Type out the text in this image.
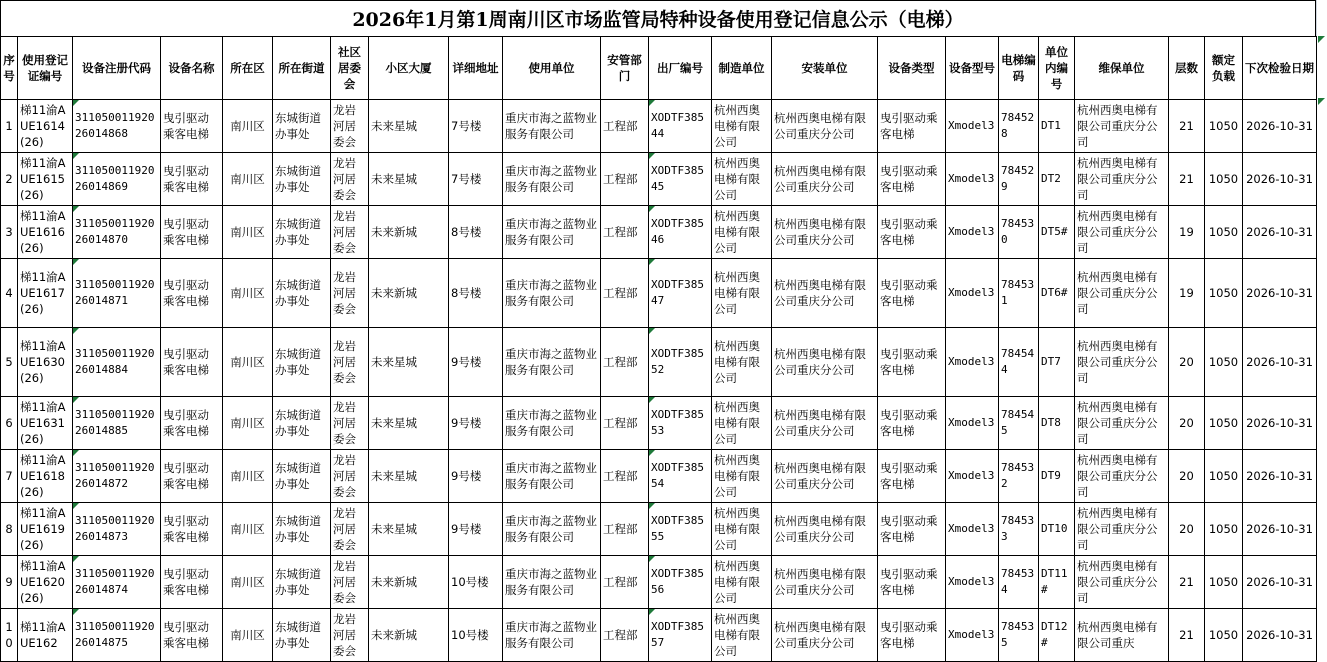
2026年1月第1周南川区市场监管局特种设备使用登记信息公示（电梯）
序号	使用登记证编号	设备注册代码	设备名称	所在区	所在街道	社区居委会	小区大厦	详细地址	使用单位	安管部门	出厂编号	制造单位	安装单位	设备类型	设备型号	电梯编码	单位内编号	维保单位	层数	额定负载	下次检验日期
1	梯11渝AUE1614(26)	31105001192026014868	曳引驱动乘客电梯	南川区	东城街道办事处	龙岩河居委会	未来星城	7号楼	重庆市海之蓝物业服务有限公司	工程部	XODTF38544	杭州西奥电梯有限公司	杭州西奥电梯有限公司重庆分公司	曳引驱动乘客电梯	Xmodel3	784528	DT1	杭州西奥电梯有限公司重庆分公司	21	1050	2026-10-31
2	梯11渝AUE1615(26)	31105001192026014869	曳引驱动乘客电梯	南川区	东城街道办事处	龙岩河居委会	未来星城	7号楼	重庆市海之蓝物业服务有限公司	工程部	XODTF38545	杭州西奥电梯有限公司	杭州西奥电梯有限公司重庆分公司	曳引驱动乘客电梯	Xmodel3	784529	DT2	杭州西奥电梯有限公司重庆分公司	21	1050	2026-10-31
3	梯11渝AUE1616(26)	31105001192026014870	曳引驱动乘客电梯	南川区	东城街道办事处	龙岩河居委会	未来新城	8号楼	重庆市海之蓝物业服务有限公司	工程部	XODTF38546	杭州西奥电梯有限公司	杭州西奥电梯有限公司重庆分公司	曳引驱动乘客电梯	Xmodel3	784530	DT5#	杭州西奥电梯有限公司重庆分公司	19	1050	2026-10-31
4	梯11渝AUE1617(26)	31105001192026014871	曳引驱动乘客电梯	南川区	东城街道办事处	龙岩河居委会	未来新城	8号楼	重庆市海之蓝物业服务有限公司	工程部	XODTF38547	杭州西奥电梯有限公司	杭州西奥电梯有限公司重庆分公司	曳引驱动乘客电梯	Xmodel3	784531	DT6#	杭州西奥电梯有限公司重庆分公司	19	1050	2026-10-31
5	梯11渝AUE1630(26)	31105001192026014884	曳引驱动乘客电梯	南川区	东城街道办事处	龙岩河居委会	未来星城	9号楼	重庆市海之蓝物业服务有限公司	工程部	XODTF38552	杭州西奥电梯有限公司	杭州西奥电梯有限公司重庆分公司	曳引驱动乘客电梯	Xmodel3	784544	DT7	杭州西奥电梯有限公司重庆分公司	20	1050	2026-10-31
6	梯11渝AUE1631(26)	31105001192026014885	曳引驱动乘客电梯	南川区	东城街道办事处	龙岩河居委会	未来星城	9号楼	重庆市海之蓝物业服务有限公司	工程部	XODTF38553	杭州西奥电梯有限公司	杭州西奥电梯有限公司重庆分公司	曳引驱动乘客电梯	Xmodel3	784545	DT8	杭州西奥电梯有限公司重庆分公司	20	1050	2026-10-31
7	梯11渝AUE1618(26)	31105001192026014872	曳引驱动乘客电梯	南川区	东城街道办事处	龙岩河居委会	未来星城	9号楼	重庆市海之蓝物业服务有限公司	工程部	XODTF38554	杭州西奥电梯有限公司	杭州西奥电梯有限公司重庆分公司	曳引驱动乘客电梯	Xmodel3	784532	DT9	杭州西奥电梯有限公司重庆分公司	20	1050	2026-10-31
8	梯11渝AUE1619(26)	31105001192026014873	曳引驱动乘客电梯	南川区	东城街道办事处	龙岩河居委会	未来星城	9号楼	重庆市海之蓝物业服务有限公司	工程部	XODTF38555	杭州西奥电梯有限公司	杭州西奥电梯有限公司重庆分公司	曳引驱动乘客电梯	Xmodel3	784533	DT10	杭州西奥电梯有限公司重庆分公司	20	1050	2026-10-31
9	梯11渝AUE1620(26)	31105001192026014874	曳引驱动乘客电梯	南川区	东城街道办事处	龙岩河居委会	未来新城	10号楼	重庆市海之蓝物业服务有限公司	工程部	XODTF38556	杭州西奥电梯有限公司	杭州西奥电梯有限公司重庆分公司	曳引驱动乘客电梯	Xmodel3	784534	DT11#	杭州西奥电梯有限公司重庆分公司	21	1050	2026-10-31
10	梯11渝AUE162	31105001192026014875	曳引驱动乘客电梯	南川区	东城街道办事处	龙岩河居委会	未来新城	10号楼	重庆市海之蓝物业服务有限公司	工程部	XODTF38557	杭州西奥电梯有限公司	杭州西奥电梯有限公司重庆分公司	曳引驱动乘客电梯	Xmodel3	784535	DT12#	杭州西奥电梯有限公司重庆	21	1050	2026-10-31
